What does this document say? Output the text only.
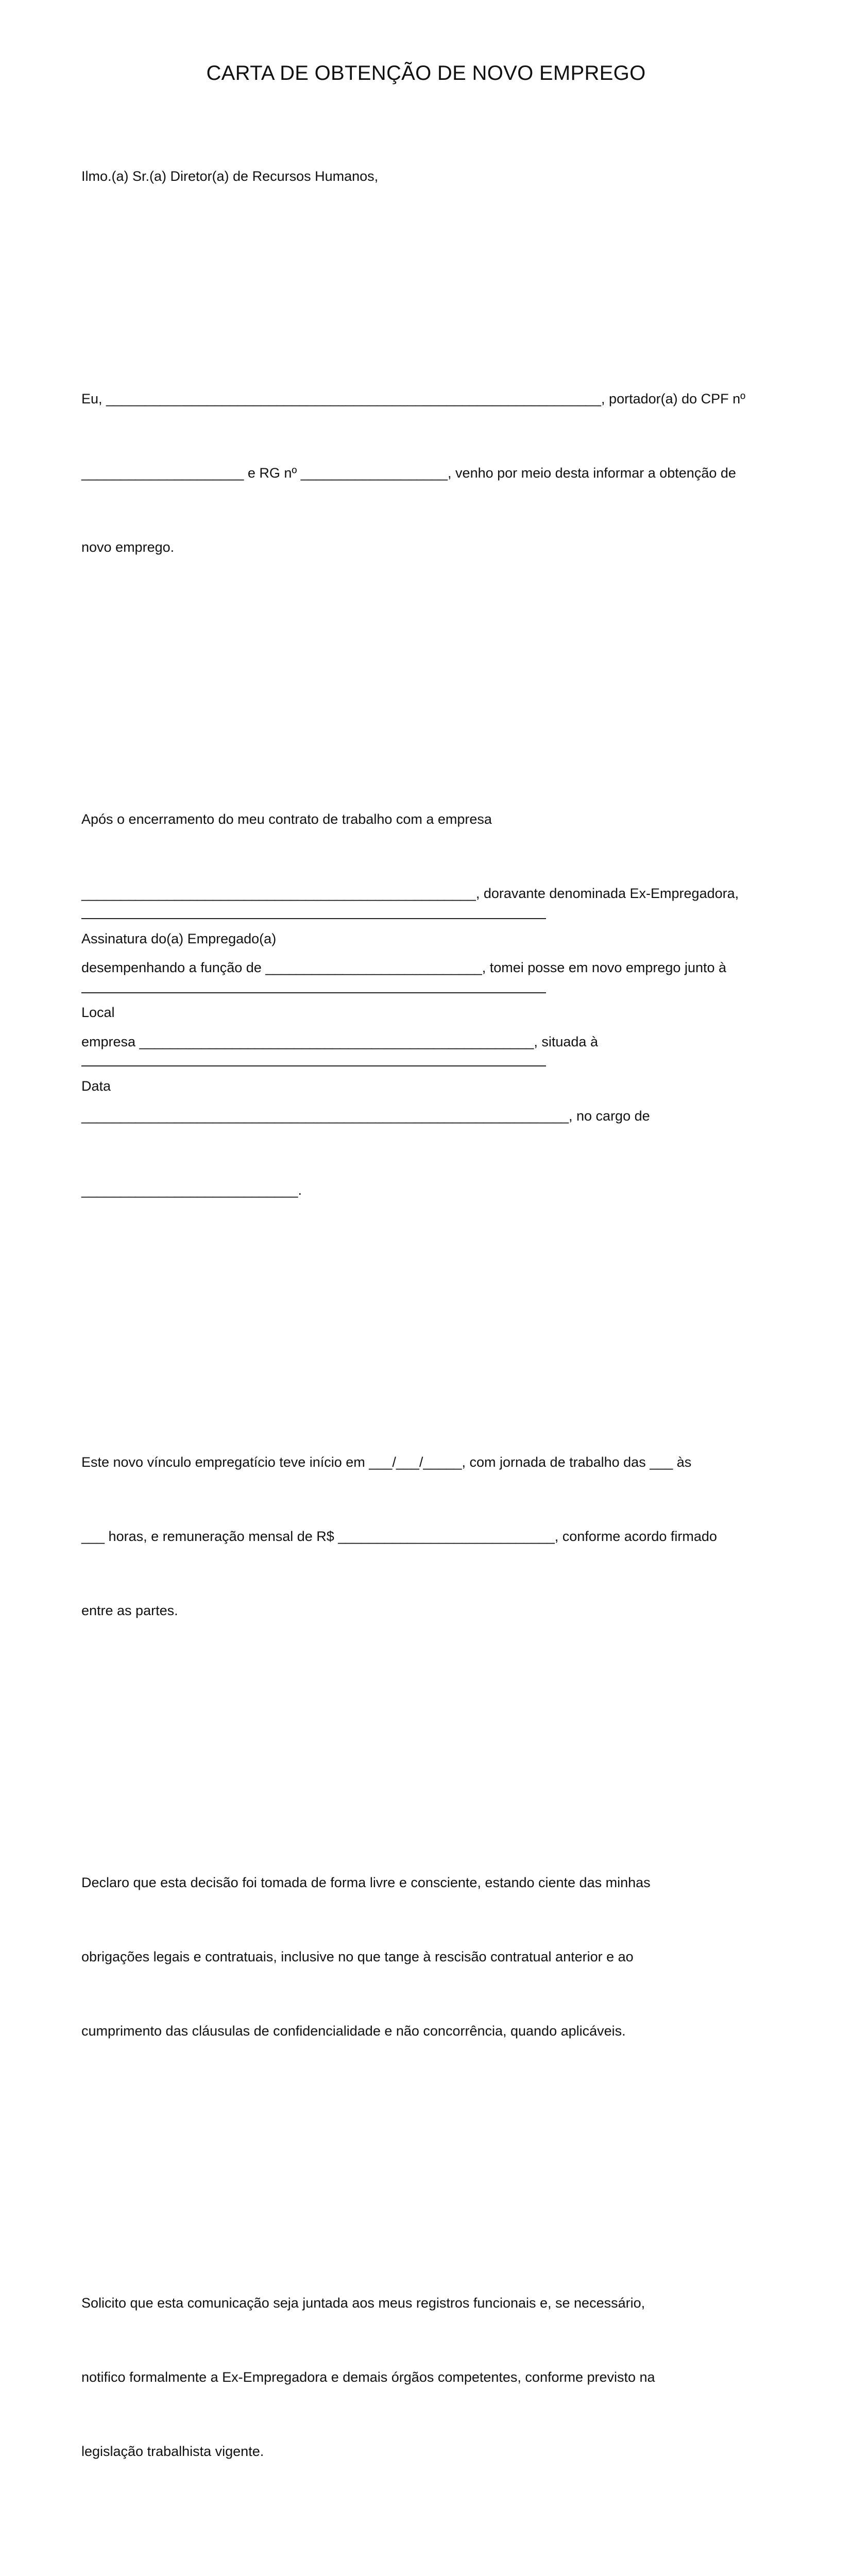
CARTA DE OBTENÇÃO DE NOVO EMPREGO

Ilmo.(a) Sr.(a) Diretor(a) de Recursos Humanos,

Eu, ________________________________________________________________, portador(a) do CPF nº

_____________________ e RG nº ___________________, venho por meio desta informar a obtenção de

novo emprego.

Após o encerramento do meu contrato de trabalho com a empresa

___________________________________________________, doravante denominada Ex-Empregadora,

desempenhando a função de ____________________________, tomei posse em novo emprego junto à

empresa ___________________________________________________, situada à

_______________________________________________________________, no cargo de

____________________________.

Este novo vínculo empregatício teve início em ___/___/_____, com jornada de trabalho das ___ às

___ horas, e remuneração mensal de R$ ____________________________, conforme acordo firmado

entre as partes.

Declaro que esta decisão foi tomada de forma livre e consciente, estando ciente das minhas

obrigações legais e contratuais, inclusive no que tange à rescisão contratual anterior e ao

cumprimento das cláusulas de confidencialidade e não concorrência, quando aplicáveis.

Solicito que esta comunicação seja juntada aos meus registros funcionais e, se necessário,

notifico formalmente a Ex-Empregadora e demais órgãos competentes, conforme previsto na

legislação trabalhista vigente.

Assinatura do(a) Empregado(a)
Local
Data
